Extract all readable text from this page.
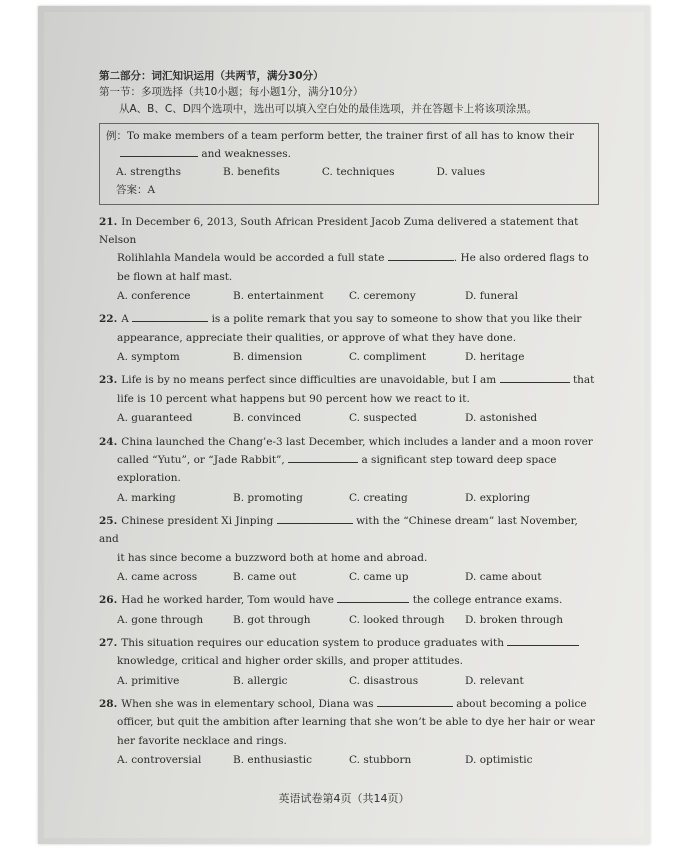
第二部分：词汇知识运用（共两节，满分30分）
第一节：多项选择（共10小题；每小题1分，满分10分）
从A、B、C、D四个选项中，选出可以填入空白处的最佳选项，并在答题卡上将该项涂黑。
例：To make members of a team perform better, the trainer first of all has to know their
and weaknesses.
A. strengths	B. benefits	C. techniques	D. values
答案：A
21. In December 6, 2013, South African President Jacob Zuma delivered a statement that Nelson
Rolihlahla Mandela would be accorded a full state	. He also ordered flags to
be flown at half mast.
A. conference	B. entertainment	C. ceremony	D. funeral
22. A	is a polite remark that you say to someone to show that you like their
appearance, appreciate their qualities, or approve of what they have done.
A. symptom	B. dimension	C. compliment	D. heritage
23. Life is by no means perfect since difficulties are unavoidable, but I am	that
life is 10 percent what happens but 90 percent how we react to it.
A. guaranteed	B. convinced	C. suspected	D. astonished
24. China launched the Chang’e-3 last December, which includes a lander and a moon rover
called “Yutu”, or “Jade Rabbit”,	a significant step toward deep space
exploration.
A. marking	B. promoting	C. creating	D. exploring
25. Chinese president Xi Jinping	with the “Chinese dream” last November, and
it has since become a buzzword both at home and abroad.
A. came across	B. came out	C. came up	D. came about
26. Had he worked harder, Tom would have	the college entrance exams.
A. gone through	B. got through	C. looked through	D. broken through
27. This situation requires our education system to produce graduates with
knowledge, critical and higher order skills, and proper attitudes.
A. primitive	B. allergic	C. disastrous	D. relevant
28. When she was in elementary school, Diana was	about becoming a police
officer, but quit the ambition after learning that she won’t be able to dye her hair or wear
her favorite necklace and rings.
A. controversial	B. enthusiastic	C. stubborn	D. optimistic
英语试卷第4页（共14页）
